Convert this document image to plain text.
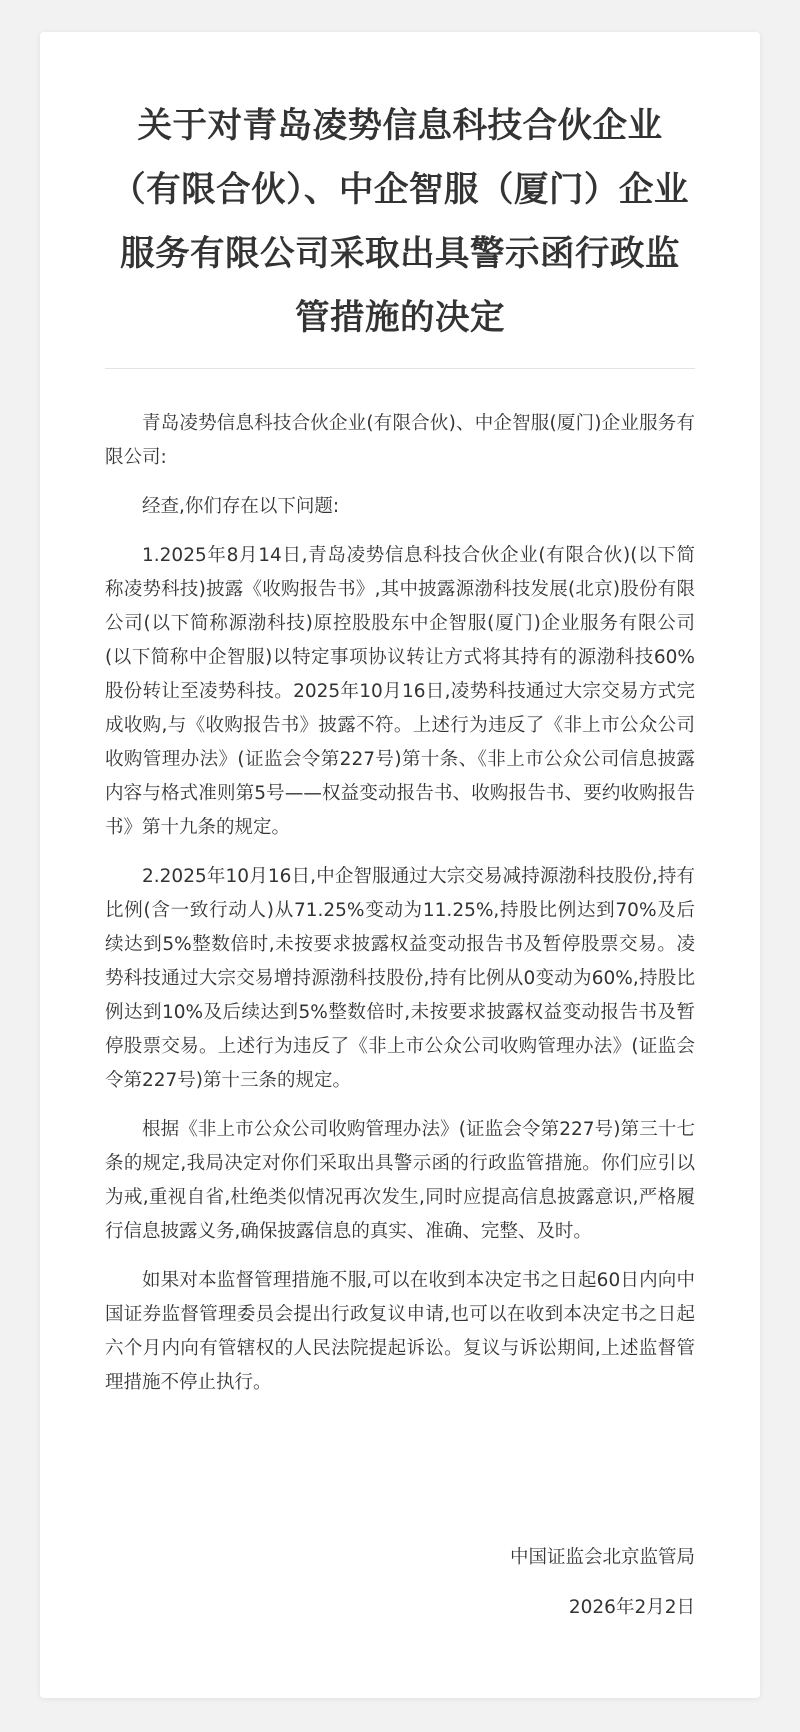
关于对青岛凌势信息科技合伙企业（有限合伙）、中企智服（厦门）企业服务有限公司采取出具警示函行政监管措施的决定

青岛凌势信息科技合伙企业(有限合伙)、中企智服(厦门)企业服务有限公司:

经查,你们存在以下问题:

1.2025年8月14日,青岛凌势信息科技合伙企业(有限合伙)(以下简称凌势科技)披露《收购报告书》,其中披露源渤科技发展(北京)股份有限公司(以下简称源渤科技)原控股股东中企智服(厦门)企业服务有限公司(以下简称中企智服)以特定事项协议转让方式将其持有的源渤科技60%股份转让至凌势科技。2025年10月16日,凌势科技通过大宗交易方式完成收购,与《收购报告书》披露不符。上述行为违反了《非上市公众公司收购管理办法》(证监会令第227号)第十条、《非上市公众公司信息披露内容与格式准则第5号——权益变动报告书、收购报告书、要约收购报告书》第十九条的规定。

2.2025年10月16日,中企智服通过大宗交易减持源渤科技股份,持有比例(含一致行动人)从71.25%变动为11.25%,持股比例达到70%及后续达到5%整数倍时,未按要求披露权益变动报告书及暂停股票交易。凌势科技通过大宗交易增持源渤科技股份,持有比例从0变动为60%,持股比例达到10%及后续达到5%整数倍时,未按要求披露权益变动报告书及暂停股票交易。上述行为违反了《非上市公众公司收购管理办法》(证监会令第227号)第十三条的规定。

根据《非上市公众公司收购管理办法》(证监会令第227号)第三十七条的规定,我局决定对你们采取出具警示函的行政监管措施。你们应引以为戒,重视自省,杜绝类似情况再次发生,同时应提高信息披露意识,严格履行信息披露义务,确保披露信息的真实、准确、完整、及时。

如果对本监督管理措施不服,可以在收到本决定书之日起60日内向中国证券监督管理委员会提出行政复议申请,也可以在收到本决定书之日起六个月内向有管辖权的人民法院提起诉讼。复议与诉讼期间,上述监督管理措施不停止执行。

中国证监会北京监管局
2026年2月2日
